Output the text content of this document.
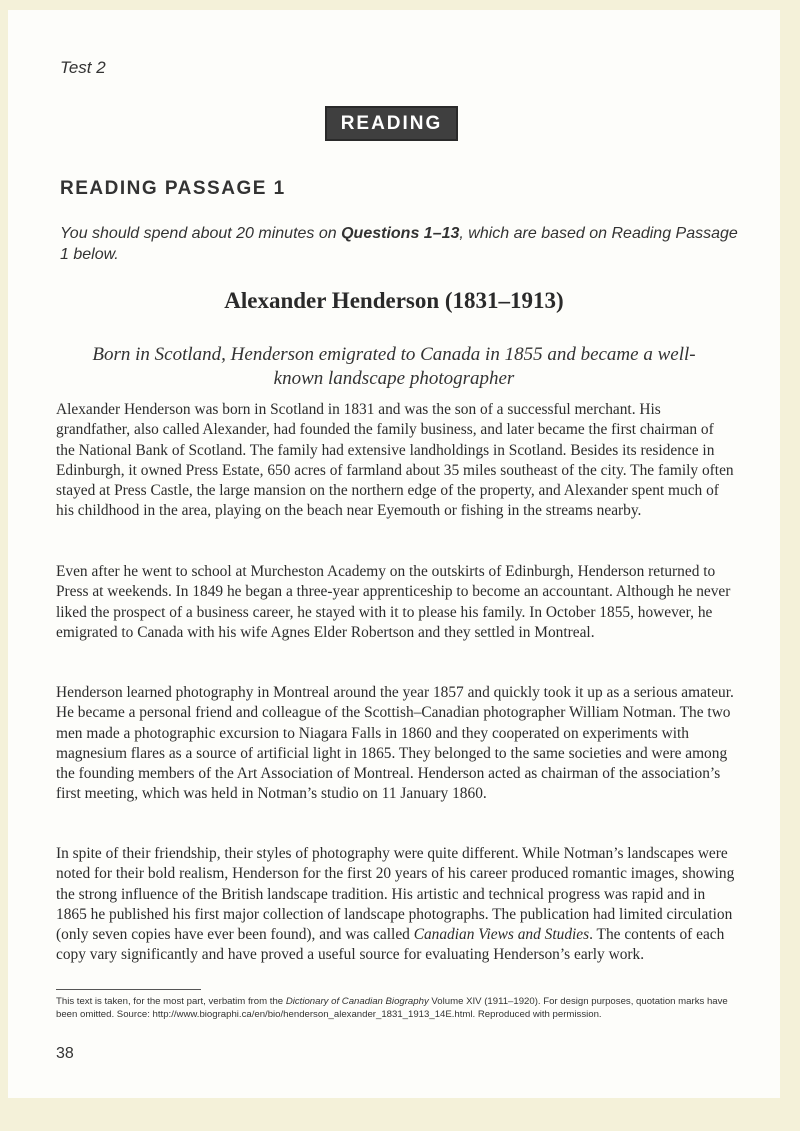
Test 2
READING
READING PASSAGE 1
You should spend about 20 minutes on Questions 1–13, which are based on Reading Passage 1 below.
Alexander Henderson (1831–1913)
Born in Scotland, Henderson emigrated to Canada in 1855 and became a well-known landscape photographer

Alexander Henderson was born in Scotland in 1831 and was the son of a successful merchant. His grandfather, also called Alexander, had founded the family business, and later became the first chairman of the National Bank of Scotland. The family had extensive landholdings in Scotland. Besides its residence in Edinburgh, it owned Press Estate, 650 acres of farmland about 35 miles southeast of the city. The family often stayed at Press Castle, the large mansion on the northern edge of the property, and Alexander spent much of his childhood in the area, playing on the beach near Eyemouth or fishing in the streams nearby.

Even after he went to school at Murcheston Academy on the outskirts of Edinburgh, Henderson returned to Press at weekends. In 1849 he began a three-year apprenticeship to become an accountant. Although he never liked the prospect of a business career, he stayed with it to please his family. In October 1855, however, he emigrated to Canada with his wife Agnes Elder Robertson and they settled in Montreal.

Henderson learned photography in Montreal around the year 1857 and quickly took it up as a serious amateur. He became a personal friend and colleague of the Scottish–Canadian photographer William Notman. The two men made a photographic excursion to Niagara Falls in 1860 and they cooperated on experiments with magnesium flares as a source of artificial light in 1865. They belonged to the same societies and were among the founding members of the Art Association of Montreal. Henderson acted as chairman of the association’s first meeting, which was held in Notman’s studio on 11 January 1860.

In spite of their friendship, their styles of photography were quite different. While Notman’s landscapes were noted for their bold realism, Henderson for the first 20 years of his career produced romantic images, showing the strong influence of the British landscape tradition. His artistic and technical progress was rapid and in 1865 he published his first major collection of landscape photographs. The publication had limited circulation (only seven copies have ever been found), and was called Canadian Views and Studies. The contents of each copy vary significantly and have proved a useful source for evaluating Henderson’s early work.

This text is taken, for the most part, verbatim from the Dictionary of Canadian Biography Volume XIV (1911–1920). For design purposes, quotation marks have been omitted. Source: http://www.biographi.ca/en/bio/henderson_alexander_1831_1913_14E.html. Reproduced with permission.
38
